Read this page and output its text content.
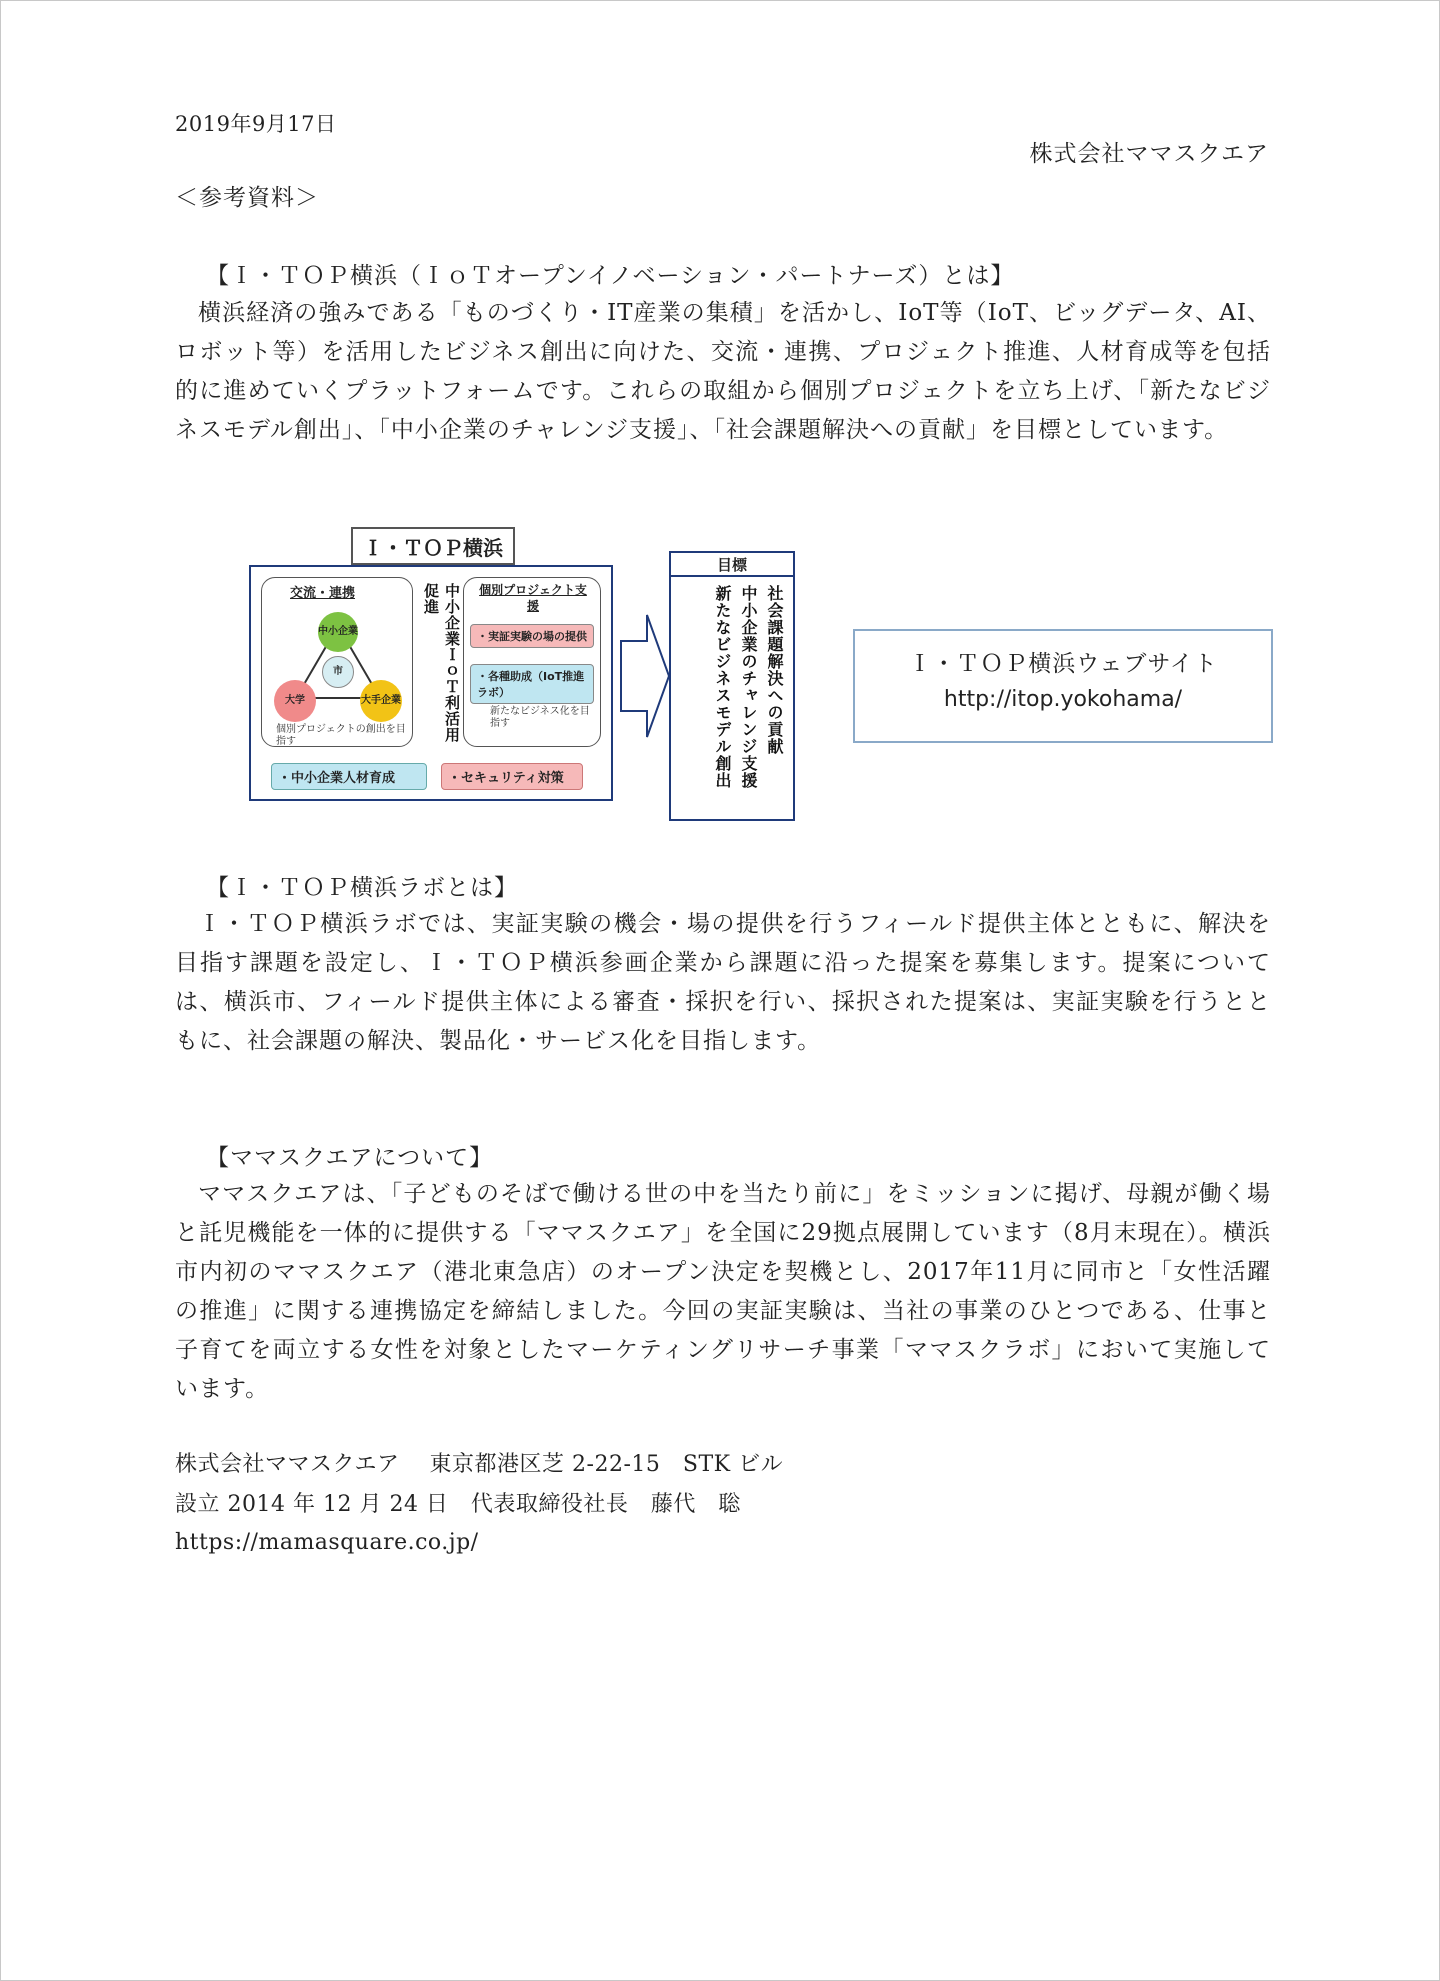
2019年9月17日
株式会社ママスクエア
＜参考資料＞
【Ｉ・ＴＯＰ横浜（ＩｏＴオープンイノベーション・パートナーズ）とは】
横浜経済の強みである「ものづくり・IT産業の集積」を活かし、IoT等（IoT、ビッグデータ、AI、ロボット等）を活用したビジネス創出に向けた、交流・連携、プロジェクト推進、人材育成等を包括的に進めていくプラットフォームです。これらの取組から個別プロジェクトを立ち上げ、「新たなビジネスモデル創出」、「中小企業のチャレンジ支援」、「社会課題解決への貢献」を目標としています。
Ｉ・ＴＯＰ横浜
交流・連携
中小企業
市
大学	大手企業
個別プロジェクトの創出を目指す	中小企業ＩｏＴ利活用促進	個別プロジェクト支援
・実証実験の場の提供
・各種助成（IoT推進ラボ）
新たなビジネス化を目指す
・中小企業人材育成	・セキュリティ対策
目標
社会課題解決への貢献
中小企業のチャレンジ支援
新たなビジネスモデル創出	Ｉ・ＴＯＰ横浜ウェブサイト
http://itop.yokohama/
【Ｉ・ＴＯＰ横浜ラボとは】
Ｉ・ＴＯＰ横浜ラボでは、実証実験の機会・場の提供を行うフィールド提供主体とともに、解決を目指す課題を設定し、Ｉ・ＴＯＰ横浜参画企業から課題に沿った提案を募集します。提案については、横浜市、フィールド提供主体による審査・採択を行い、採択された提案は、実証実験を行うとともに、社会課題の解決、製品化・サービス化を目指します。
【ママスクエアについて】
ママスクエアは、「子どものそばで働ける世の中を当たり前に」をミッションに掲げ、母親が働く場と託児機能を一体的に提供する「ママスクエア」を全国に29拠点展開しています（8月末現在）。横浜市内初のママスクエア（港北東急店）のオープン決定を契機とし、2017年11月に同市と「女性活躍の推進」に関する連携協定を締結しました。今回の実証実験は、当社の事業のひとつである、仕事と子育てを両立する女性を対象としたマーケティングリサーチ事業「ママスクラボ」において実施しています。
株式会社ママスクエア　 東京都港区芝 2-22-15　STK ビル
設立 2014 年 12 月 24 日　代表取締役社長　藤代　聡
https://mamasquare.co.jp/
